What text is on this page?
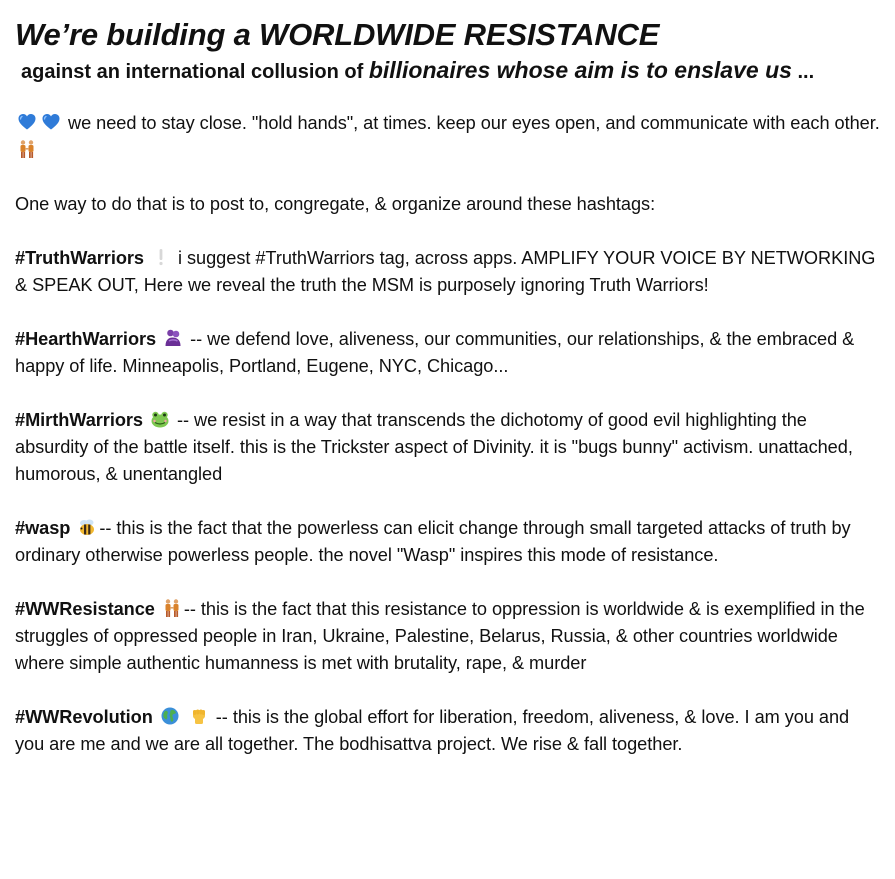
We’re building a WORLDWIDE RESISTANCE
against an international collusion of billionaires whose aim is to enslave us ...

we need to stay close. "hold hands", at times. keep our eyes open, and communicate with each other.

One way to do that is to post to, congregate, & organize around these hashtags:

#TruthWarriors
i suggest #TruthWarriors tag, across apps. AMPLIFY YOUR VOICE BY NETWORKING & SPEAK OUT, Here we reveal the truth the MSM is purposely ignoring Truth Warriors!

#HearthWarriors
-- we defend love, aliveness, our communities, our relationships, & the embraced & happy of life. Minneapolis, Portland, Eugene, NYC, Chicago...

#MirthWarriors
-- we resist in a way that transcends the dichotomy of good evil highlighting the absurdity of the battle itself. this is the Trickster aspect of Divinity. it is "bugs bunny" activism. unattached, humorous, & unentangled

#wasp -- this is the fact that the powerless can elicit change through small targeted attacks of truth by ordinary otherwise powerless people. the novel "Wasp" inspires this mode of resistance.

#WWResistance -- this is the fact that this resistance to oppression is worldwide & is exemplified in the struggles of oppressed people in Iran, Ukraine, Palestine, Belarus, Russia, & other countries worldwide where simple authentic humanness is met with brutality, rape, & murder

#WWRevolution
	-- this is the global effort for liberation, freedom, aliveness, & love. I am you and you are me and we are all together. The bodhisattva project. We rise & fall together.
